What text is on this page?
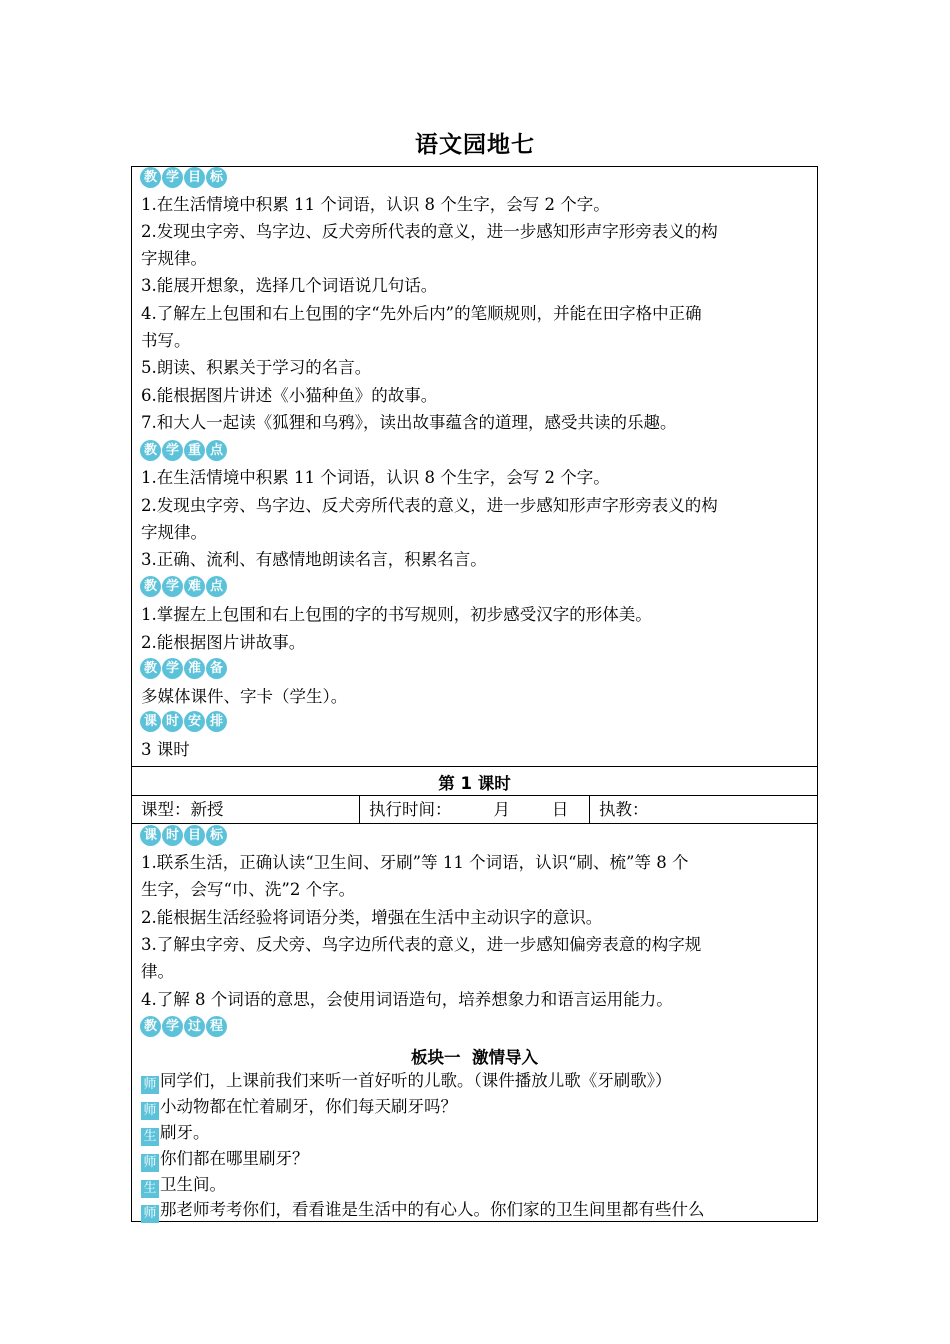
语文园地七
教 学 目 标
1.在生活情境中积累 11 个词语，认识 8 个生字，会写 2 个字。
2.发现虫字旁、鸟字边、反犬旁所代表的意义，进一步感知形声字形旁表义的构
字规律。
3.能展开想象，选择几个词语说几句话。
4.了解左上包围和右上包围的字“先外后内”的笔顺规则，并能在田字格中正确
书写。
5.朗读、积累关于学习的名言。
6.能根据图片讲述《小猫种鱼》的故事。
7.和大人一起读《狐狸和乌鸦》，读出故事蕴含的道理，感受共读的乐趣。
教 学 重 点
1.在生活情境中积累 11 个词语，认识 8 个生字，会写 2 个字。
2.发现虫字旁、鸟字边、反犬旁所代表的意义，进一步感知形声字形旁表义的构
字规律。
3.正确、流利、有感情地朗读名言，积累名言。
教 学 难 点
1.掌握左上包围和右上包围的字的书写规则，初步感受汉字的形体美。
2.能根据图片讲故事。
教 学 准 备
多媒体课件、字卡（学生）。
课 时 安 排
3 课时
第 1 课时
课型：新授	执行时间：        月        日 执教：
课 时 目 标
1.联系生活，正确认读“卫生间、牙刷”等 11 个词语，认识“刷、梳”等 8 个
生字，会写“巾、洗”2 个字。
2.能根据生活经验将词语分类，增强在生活中主动识字的意识。
3.了解虫字旁、反犬旁、鸟字边所代表的意义，进一步感知偏旁表意的构字规
律。
4.了解 8 个词语的意思，会使用词语造句，培养想象力和语言运用能力。
教 学 过 程
板块一  激情导入
师 同学们，上课前我们来听一首好听的儿歌。（课件播放儿歌《牙刷歌》）
师 小动物都在忙着刷牙，你们每天刷牙吗？
生 刷牙。
师 你们都在哪里刷牙？
生 卫生间。
师 那老师考考你们，看看谁是生活中的有心人。你们家的卫生间里都有些什么
